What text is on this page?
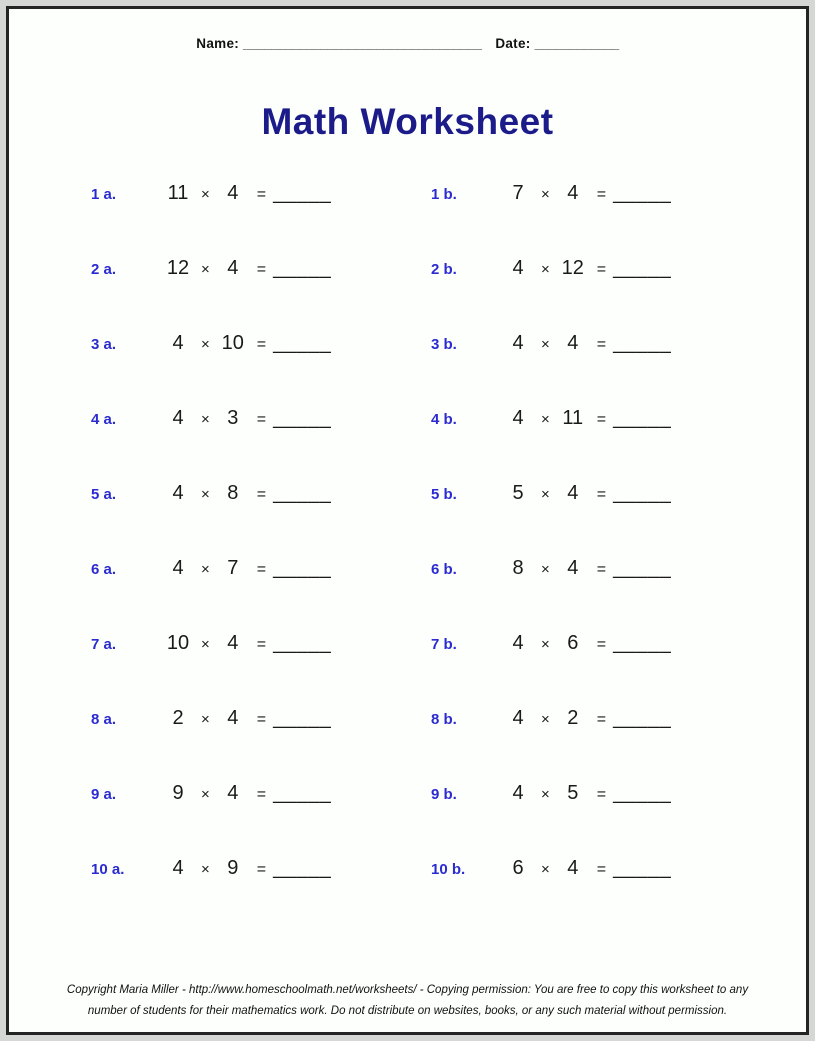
Name: __________________________________ Date: ____________
Math Worksheet
1 a.	11 × 4	= _____	1 b.	7	× 4	= _____
2 a.	12 × 4	= _____	2 b.	4	× 12 = _____
3 a.	4	× 10 = _____	3 b.	4	× 4	= _____
4 a.	4	× 3	= _____	4 b.	4	× 11 = _____
5 a.	4	× 8	= _____	5 b.	5	× 4	= _____
6 a.	4	× 7	= _____	6 b.	8	× 4	= _____
7 a.	10 × 4	= _____	7 b.	4	× 6	= _____
8 a.	2	× 4	= _____	8 b.	4	× 2	= _____
9 a.	9	× 4	= _____	9 b.	4	× 5	= _____
10 a.	4	× 9	= _____	10 b.	6	× 4	= _____
Copyright Maria Miller - http://www.homeschoolmath.net/worksheets/ - Copying permission: You are free to copy this worksheet to any
number of students for their mathematics work. Do not distribute on websites, books, or any such material without permission.
